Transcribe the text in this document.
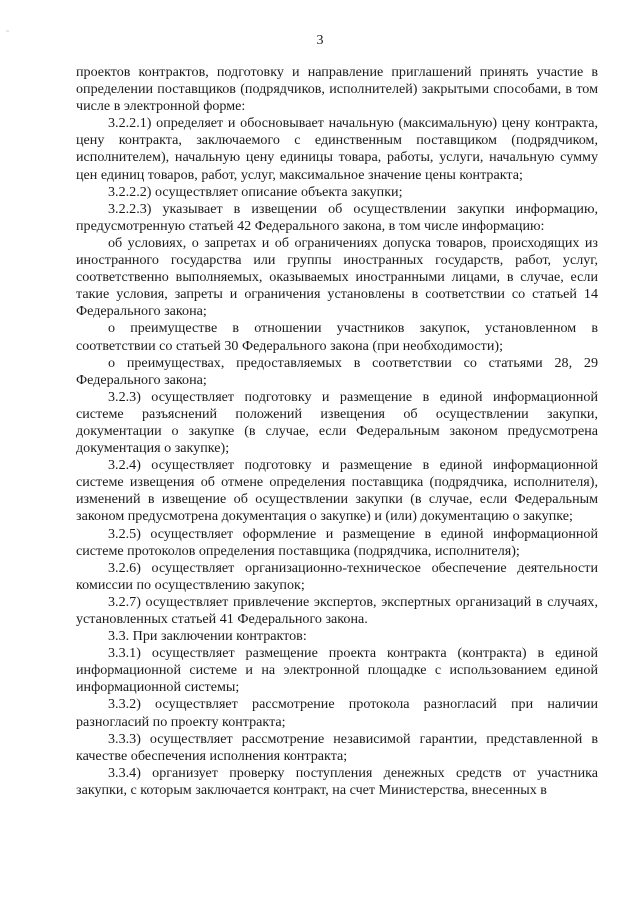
3

проектов контрактов, подготовку и направление приглашений принять участие в определении поставщиков (подрядчиков, исполнителей) закрытыми способами, в том числе в электронной форме:

3.2.2.1) определяет и обосновывает начальную (максимальную) цену контракта, цену контракта, заключаемого с единственным поставщиком (подрядчиком, исполнителем), начальную цену единицы товара, работы, услуги, начальную сумму цен единиц товаров, работ, услуг, максимальное значение цены контракта;

3.2.2.2) осуществляет описание объекта закупки;

3.2.2.3) указывает в извещении об осуществлении закупки информацию, предусмотренную статьей 42 Федерального закона, в том числе информацию:

об условиях, о запретах и об ограничениях допуска товаров, происходящих из иностранного государства или группы иностранных государств, работ, услуг, соответственно выполняемых, оказываемых иностранными лицами, в случае, если такие условия, запреты и ограничения установлены в соответствии со статьей 14 Федерального закона;

о преимуществе в отношении участников закупок, установленном в соответствии со статьей 30 Федерального закона (при необходимости);

о преимуществах, предоставляемых в соответствии со статьями 28, 29 Федерального закона;

3.2.3) осуществляет подготовку и размещение в единой информационной системе разъяснений положений извещения об осуществлении закупки, документации о закупке (в случае, если Федеральным законом предусмотрена документация о закупке);

3.2.4) осуществляет подготовку и размещение в единой информационной системе извещения об отмене определения поставщика (подрядчика, исполнителя), изменений в извещение об осуществлении закупки (в случае, если Федеральным законом предусмотрена документация о закупке) и (или) документацию о закупке;

3.2.5) осуществляет оформление и размещение в единой информационной системе протоколов определения поставщика (подрядчика, исполнителя);

3.2.6) осуществляет организационно-техническое обеспечение деятельности комиссии по осуществлению закупок;

3.2.7) осуществляет привлечение экспертов, экспертных организаций в случаях, установленных статьей 41 Федерального закона.

3.3. При заключении контрактов:

3.3.1) осуществляет размещение проекта контракта (контракта) в единой информационной системе и на электронной площадке с использованием единой информационной системы;

3.3.2) осуществляет рассмотрение протокола разногласий при наличии разногласий по проекту контракта;

3.3.3) осуществляет рассмотрение независимой гарантии, представленной в качестве обеспечения исполнения контракта;

3.3.4) организует проверку поступления денежных средств от участника закупки, с которым заключается контракт, на счет Министерства, внесенных в
